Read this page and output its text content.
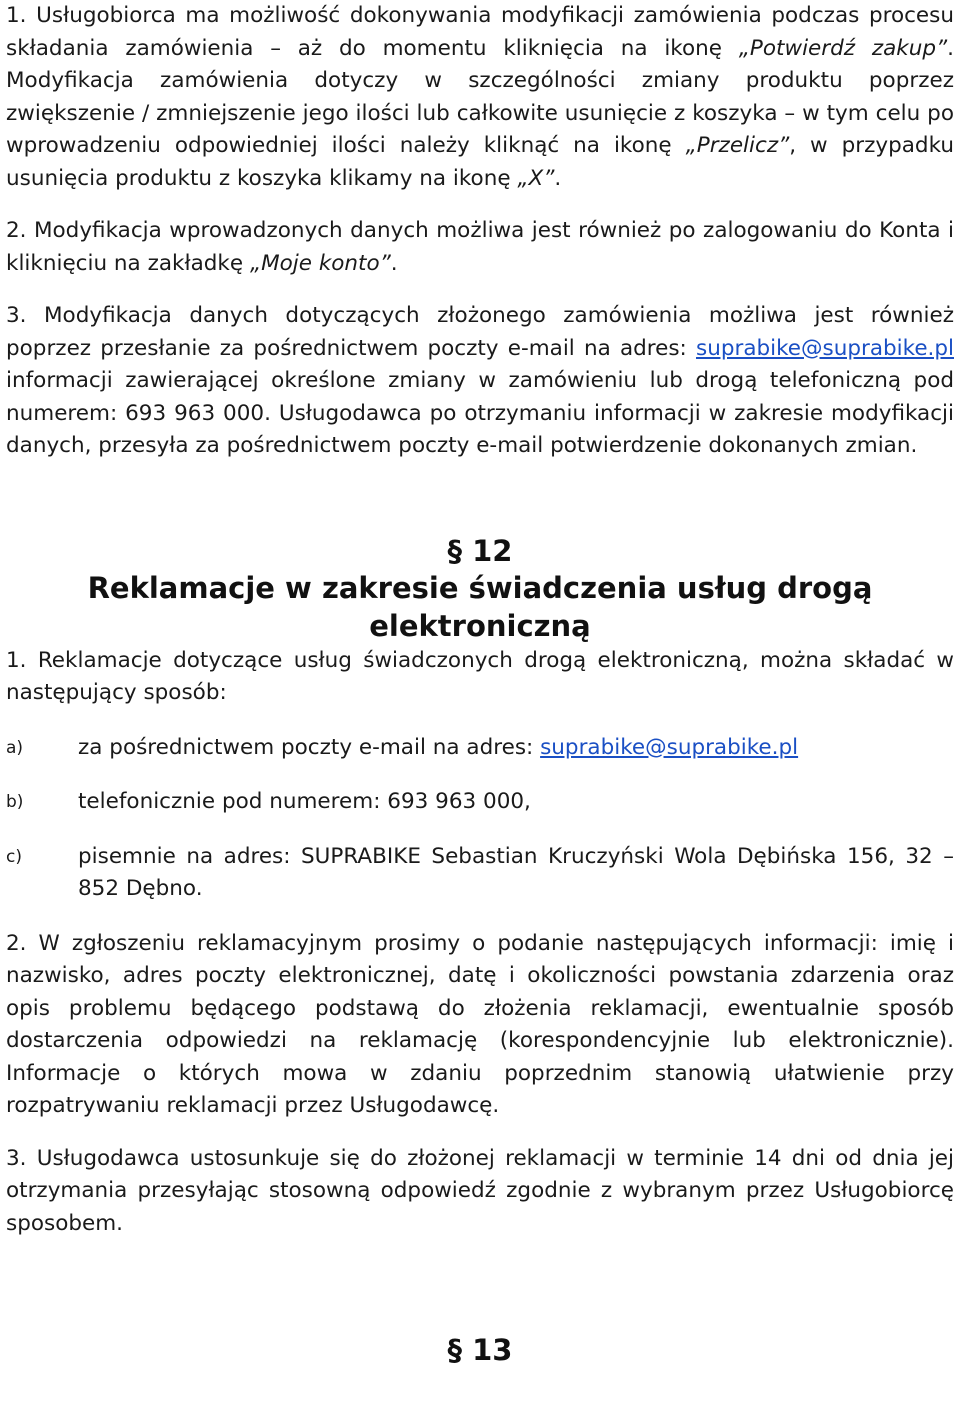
1. Usługobiorca ma możliwość dokonywania modyfikacji zamówienia podczas procesu składania zamówienia – aż do momentu kliknięcia na ikonę „Potwierdź zakup”. Modyfikacja zamówienia dotyczy w szczególności zmiany produktu poprzez zwiększenie / zmniejszenie jego ilości lub całkowite usunięcie z koszyka – w tym celu po wprowadzeniu odpowiedniej ilości należy kliknąć na ikonę „Przelicz”, w przypadku usunięcia produktu z koszyka klikamy na ikonę „X”.

2. Modyfikacja wprowadzonych danych możliwa jest również po zalogowaniu do Konta i kliknięciu na zakładkę „Moje konto”.

3. Modyfikacja danych dotyczących złożonego zamówienia możliwa jest również poprzez przesłanie za pośrednictwem poczty e-mail na adres: suprabike@suprabike.pl informacji zawierającej określone zmiany w zamówieniu lub drogą telefoniczną pod numerem: 693 963 000. Usługodawca po otrzymaniu informacji w zakresie modyfikacji danych, przesyła za pośrednictwem poczty e-mail potwierdzenie dokonanych zmian.

§ 12
Reklamacje w zakresie świadczenia usług drogą elektroniczną

1. Reklamacje dotyczące usług świadczonych drogą elektroniczną, można składać w następujący sposób:

a)	za pośrednictwem poczty e-mail na adres: suprabike@suprabike.pl
b)	telefonicznie pod numerem: 693 963 000,
c)	pisemnie na adres: SUPRABIKE Sebastian Kruczyński Wola Dębińska 156, 32 – 852 Dębno.

2. W zgłoszeniu reklamacyjnym prosimy o podanie następujących informacji: imię i nazwisko, adres poczty elektronicznej, datę i okoliczności powstania zdarzenia oraz opis problemu będącego podstawą do złożenia reklamacji, ewentualnie sposób dostarczenia odpowiedzi na reklamację (korespondencyjnie lub elektronicznie). Informacje o których mowa w zdaniu poprzednim stanowią ułatwienie przy rozpatrywaniu reklamacji przez Usługodawcę.

3. Usługodawca ustosunkuje się do złożonej reklamacji w terminie 14 dni od dnia jej otrzymania przesyłając stosowną odpowiedź zgodnie z wybranym przez Usługobiorcę sposobem.

§ 13
